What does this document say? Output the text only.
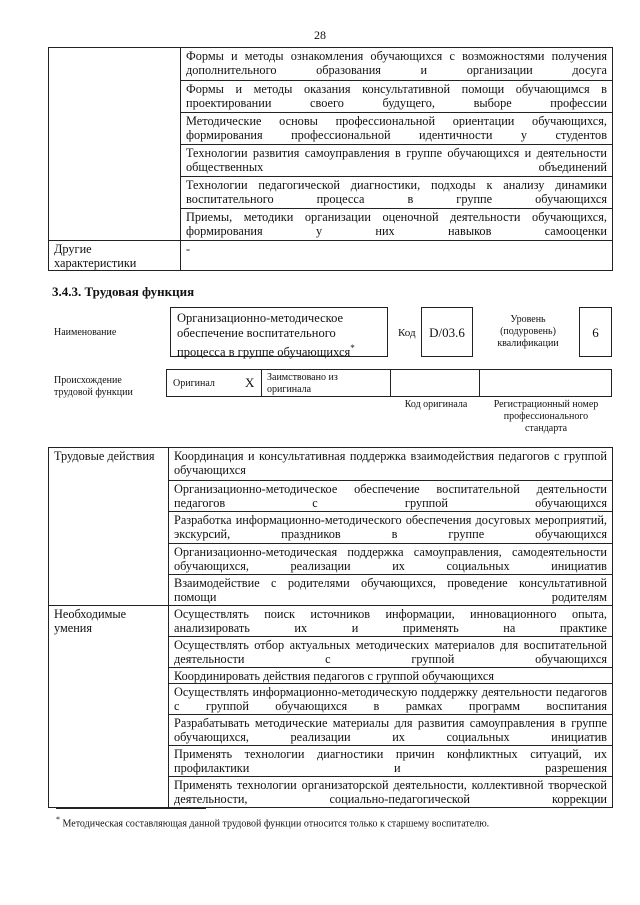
28
	Формы и методы ознакомления обучающихся с возможностями получения дополнительного образования и организации досуга
	Формы и методы оказания консультативной помощи обучающимся в проектировании своего будущего, выборе профессии
	Методические основы профессиональной ориентации обучающихся, формирования профессиональной идентичности у студентов
	Технологии развития самоуправления в группе обучающихся и деятельности общественных объединений
	Технологии педагогической диагностики, подходы к анализу динамики воспитательного процесса в группе обучающихся
	Приемы, методики организации оценочной деятельности обучающихся, формирования у них навыков самооценки
Другие характеристики	-
3.4.3. Трудовая функция
Наименование
Организационно-методическое обеспечение воспитательного процесса в группе обучающихся*
Код	D/03.6
Уровень (подуровень) квалификации
6
Происхождение трудовой функции
Оригинал X Заимствовано из оригинала
Код оригинала	Регистрационный номер профессионального стандарта
Трудовые действия	Координация и консультативная поддержка взаимодействия педагогов с группой обучающихся
	Организационно-методическое обеспечение воспитательной деятельности педагогов с группой обучающихся
	Разработка информационно-методического обеспечения досуговых мероприятий, экскурсий, праздников в группе обучающихся
	Организационно-методическая поддержка самоуправления, самодеятельности обучающихся, реализации их социальных инициатив
	Взаимодействие с родителями обучающихся, проведение консультативной помощи родителям
Необходимые умения	Осуществлять поиск источников информации, инновационного опыта, анализировать их и применять на практике
	Осуществлять отбор актуальных методических материалов для воспитательной деятельности с группой обучающихся
	Координировать действия педагогов с группой обучающихся
	Осуществлять информационно-методическую поддержку деятельности педагогов с группой обучающихся в рамках программ воспитания
	Разрабатывать методические материалы для развития самоуправления в группе обучающихся, реализации их социальных инициатив
	Применять технологии диагностики причин конфликтных ситуаций, их профилактики и разрешения
	Применять технологии организаторской деятельности, коллективной творческой деятельности, социально-педагогической коррекции
* Методическая составляющая данной трудовой функции относится только к старшему воспитателю.
